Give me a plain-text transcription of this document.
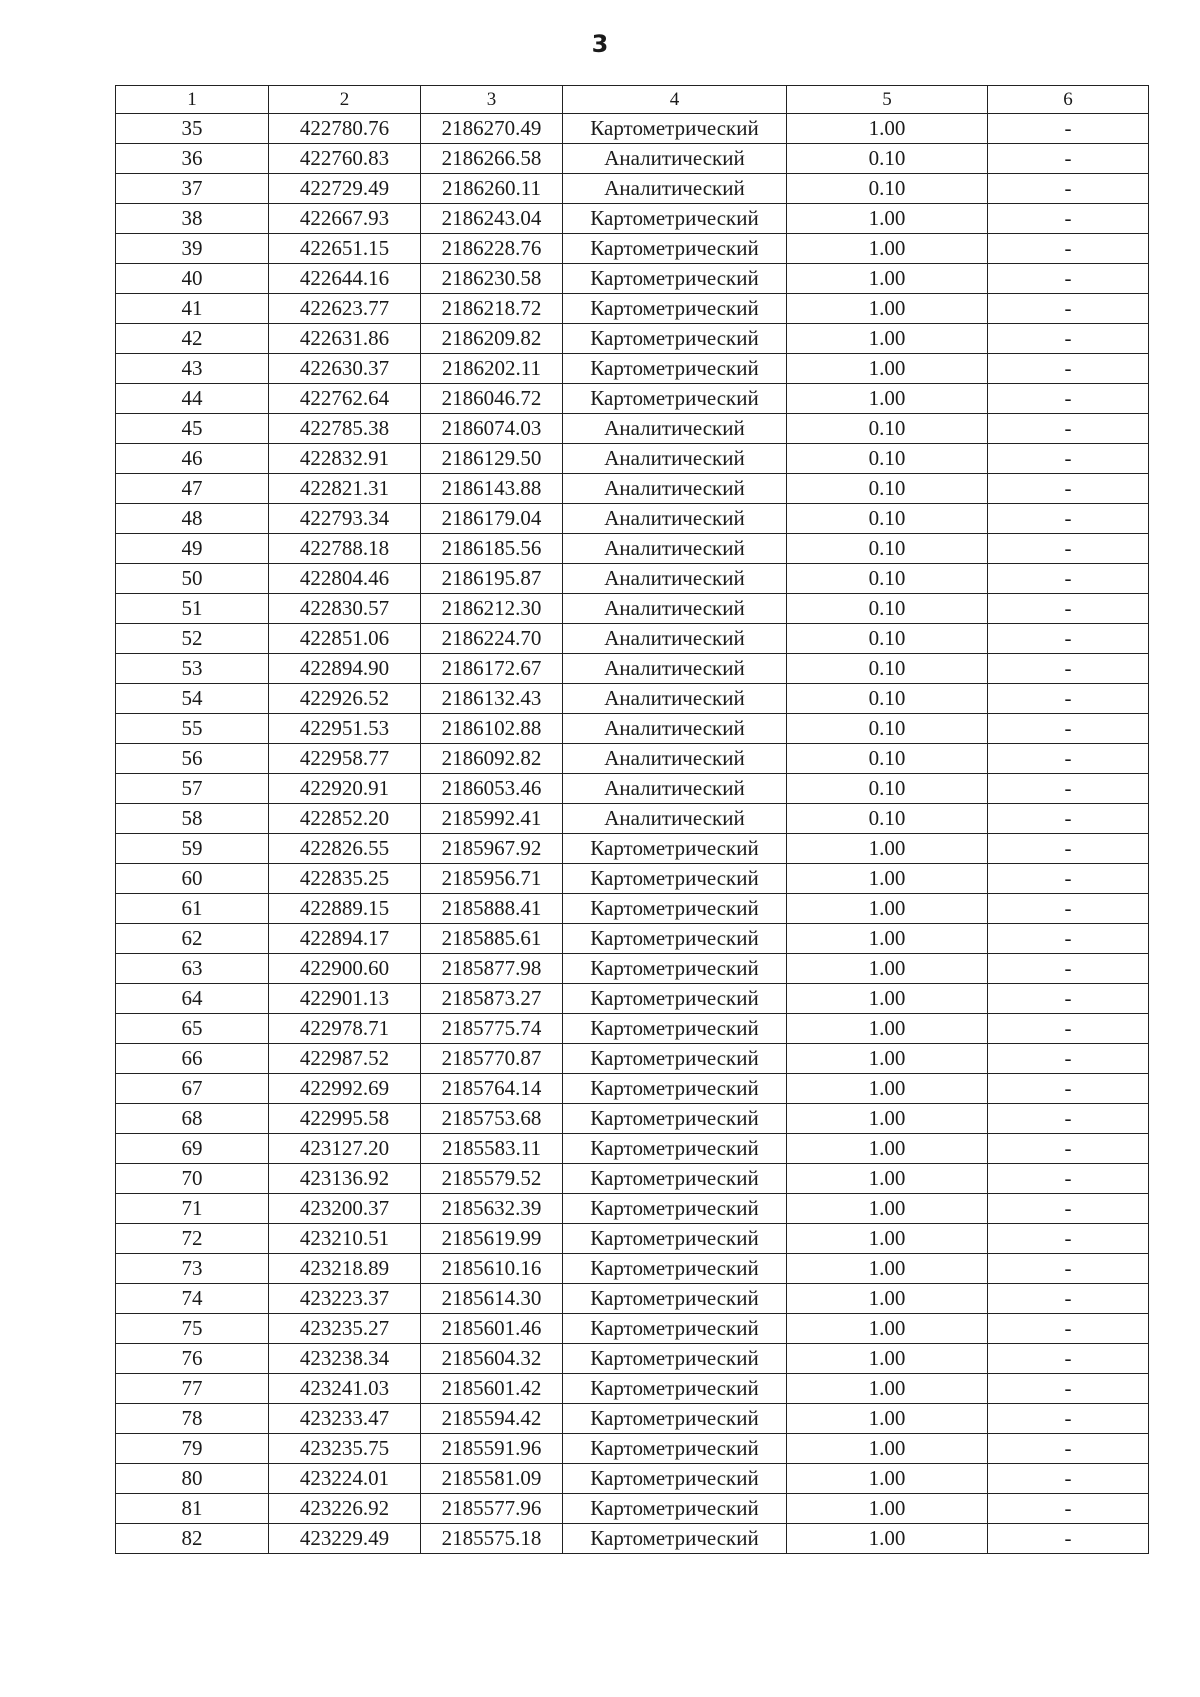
3
1	2	3	4	5	6
35	422780.76	2186270.49	Картометрический	1.00	-
36	422760.83	2186266.58	Аналитический	0.10	-
37	422729.49	2186260.11	Аналитический	0.10	-
38	422667.93	2186243.04	Картометрический	1.00	-
39	422651.15	2186228.76	Картометрический	1.00	-
40	422644.16	2186230.58	Картометрический	1.00	-
41	422623.77	2186218.72	Картометрический	1.00	-
42	422631.86	2186209.82	Картометрический	1.00	-
43	422630.37	2186202.11	Картометрический	1.00	-
44	422762.64	2186046.72	Картометрический	1.00	-
45	422785.38	2186074.03	Аналитический	0.10	-
46	422832.91	2186129.50	Аналитический	0.10	-
47	422821.31	2186143.88	Аналитический	0.10	-
48	422793.34	2186179.04	Аналитический	0.10	-
49	422788.18	2186185.56	Аналитический	0.10	-
50	422804.46	2186195.87	Аналитический	0.10	-
51	422830.57	2186212.30	Аналитический	0.10	-
52	422851.06	2186224.70	Аналитический	0.10	-
53	422894.90	2186172.67	Аналитический	0.10	-
54	422926.52	2186132.43	Аналитический	0.10	-
55	422951.53	2186102.88	Аналитический	0.10	-
56	422958.77	2186092.82	Аналитический	0.10	-
57	422920.91	2186053.46	Аналитический	0.10	-
58	422852.20	2185992.41	Аналитический	0.10	-
59	422826.55	2185967.92	Картометрический	1.00	-
60	422835.25	2185956.71	Картометрический	1.00	-
61	422889.15	2185888.41	Картометрический	1.00	-
62	422894.17	2185885.61	Картометрический	1.00	-
63	422900.60	2185877.98	Картометрический	1.00	-
64	422901.13	2185873.27	Картометрический	1.00	-
65	422978.71	2185775.74	Картометрический	1.00	-
66	422987.52	2185770.87	Картометрический	1.00	-
67	422992.69	2185764.14	Картометрический	1.00	-
68	422995.58	2185753.68	Картометрический	1.00	-
69	423127.20	2185583.11	Картометрический	1.00	-
70	423136.92	2185579.52	Картометрический	1.00	-
71	423200.37	2185632.39	Картометрический	1.00	-
72	423210.51	2185619.99	Картометрический	1.00	-
73	423218.89	2185610.16	Картометрический	1.00	-
74	423223.37	2185614.30	Картометрический	1.00	-
75	423235.27	2185601.46	Картометрический	1.00	-
76	423238.34	2185604.32	Картометрический	1.00	-
77	423241.03	2185601.42	Картометрический	1.00	-
78	423233.47	2185594.42	Картометрический	1.00	-
79	423235.75	2185591.96	Картометрический	1.00	-
80	423224.01	2185581.09	Картометрический	1.00	-
81	423226.92	2185577.96	Картометрический	1.00	-
82	423229.49	2185575.18	Картометрический	1.00	-
